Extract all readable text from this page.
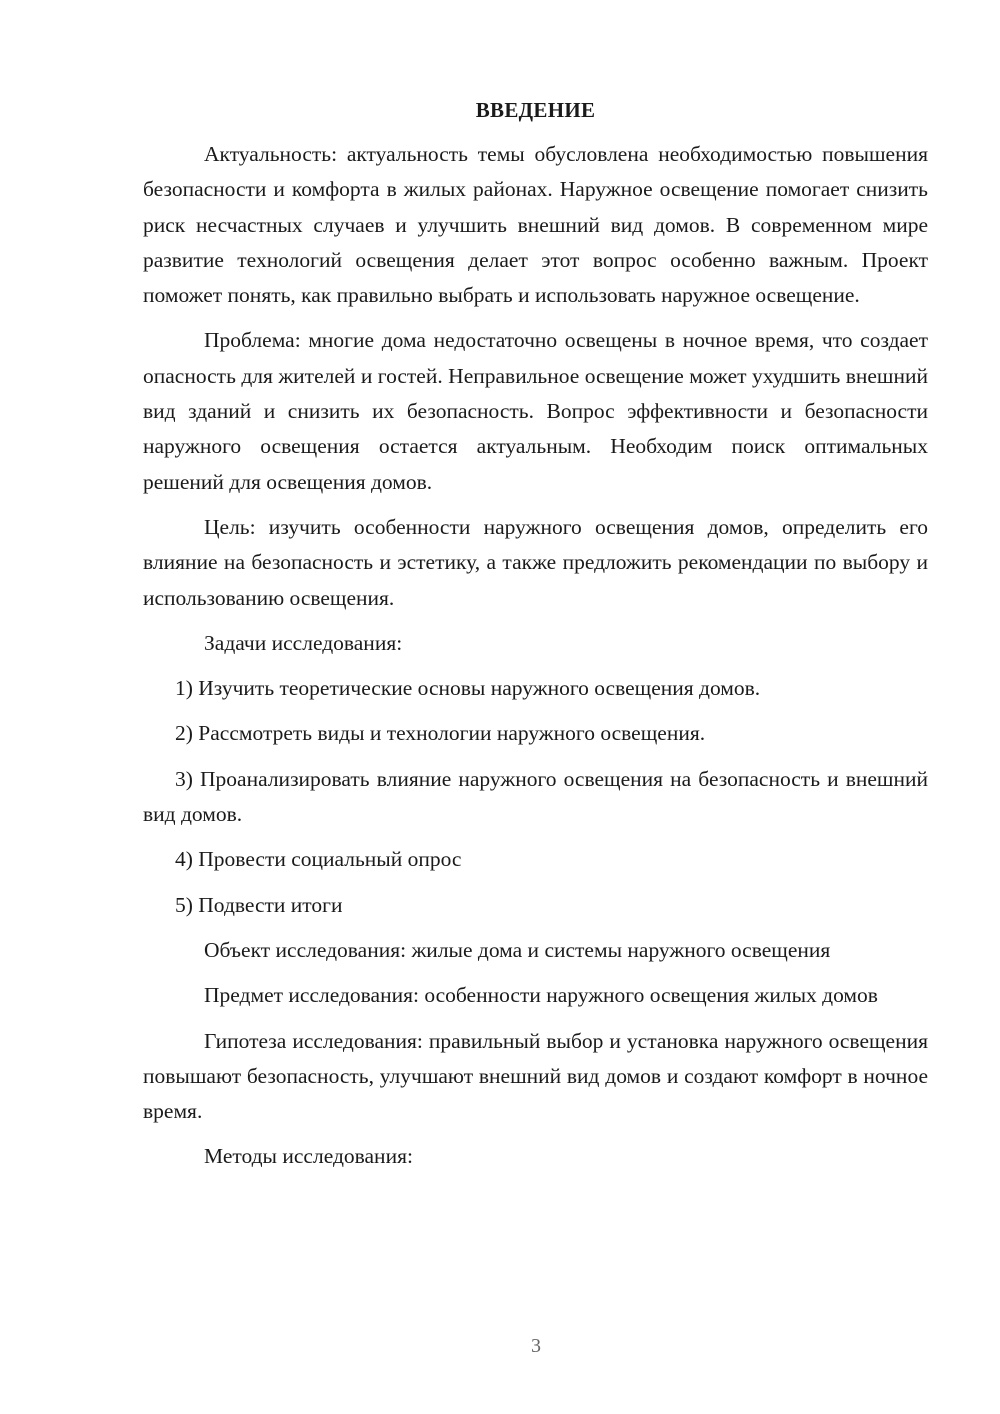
ВВЕДЕНИЕ

Актуальность: актуальность темы обусловлена необходимостью повышения безопасности и комфорта в жилых районах. Наружное освещение помогает снизить риск несчастных случаев и улучшить внешний вид домов. В современном мире развитие технологий освещения делает этот вопрос особенно важным. Проект поможет понять, как правильно выбрать и использовать наружное освещение.

Проблема: многие дома недостаточно освещены в ночное время, что создает опасность для жителей и гостей. Неправильное освещение может ухудшить внешний вид зданий и снизить их безопасность. Вопрос эффективности и безопасности наружного освещения остается актуальным. Необходим поиск оптимальных решений для освещения домов.

Цель: изучить особенности наружного освещения домов, определить его влияние на безопасность и эстетику, а также предложить рекомендации по выбору и использованию освещения.

Задачи исследования:

1) Изучить теоретические основы наружного освещения домов.

2) Рассмотреть виды и технологии наружного освещения.

3) Проанализировать влияние наружного освещения на безопасность и внешний вид домов.

4) Провести социальный опрос

5) Подвести итоги

Объект исследования: жилые дома и системы наружного освещения

Предмет исследования: особенности наружного освещения жилых домов

Гипотеза исследования: правильный выбор и установка наружного освещения повышают безопасность, улучшают внешний вид домов и создают комфорт в ночное время.

Методы исследования:

3
